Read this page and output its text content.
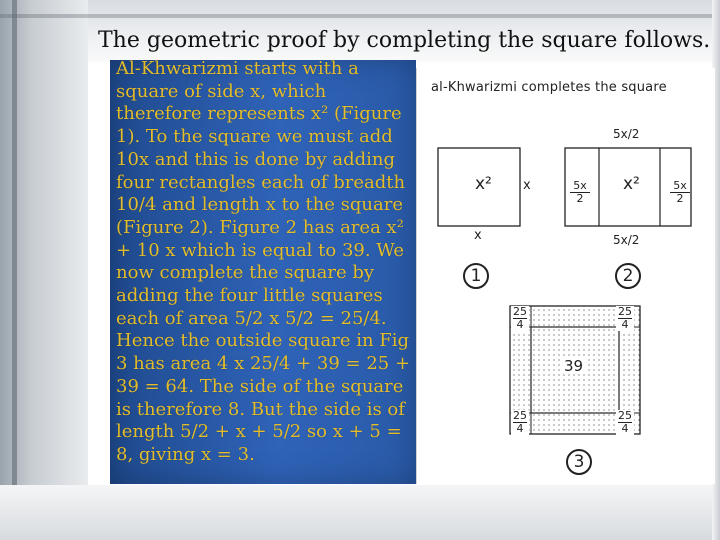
The geometric proof by completing the square follows.

Al-Khwarizmi starts with a square of side x, which therefore represents x² (Figure 1). To the square we must add 10x and this is done by adding four rectangles each of breadth 10/4 and length x to the square (Figure 2). Figure 2 has area x² + 10 x which is equal to 39. We now complete the square by adding the four little squares each of area 5/2 x 5/2 = 25/4. Hence the outside square in Fig 3 has area 4 x 25/4 + 39 = 25 + 39 = 64. The side of the square is therefore 8. But the side is of length 5/2 + x + 5/2 so x + 5 = 8, giving x = 3.

al-Khwarizmi completes the square
x² x
x
1
5x/2
5x/2
5x
2
5x
2
x²
2
25
4
25
4
25
4
25
4
39
3
